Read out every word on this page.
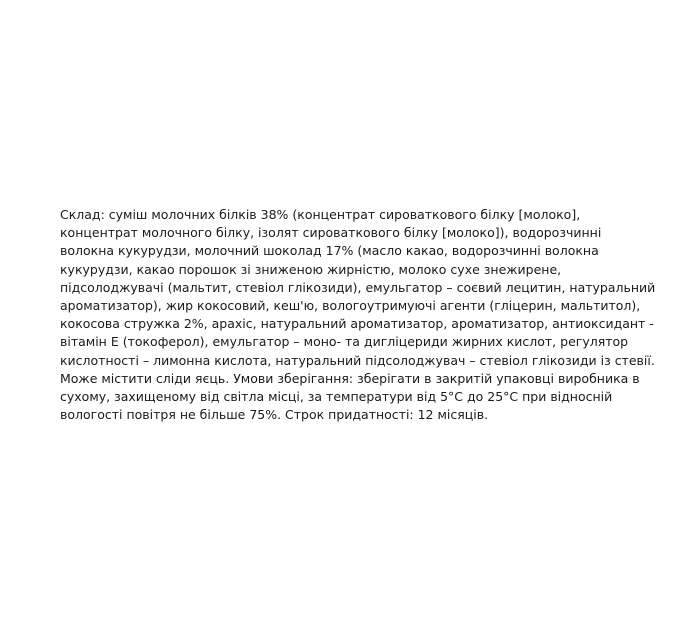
Склад: суміш молочних білків 38% (концентрат сироваткового білку [молоко],
концентрат молочного білку, ізолят сироваткового білку [молоко]), водорозчинні
волокна кукурудзи, молочний шоколад 17% (масло какао, водорозчинні волокна
кукурудзи, какао порошок зі зниженою жирністю, молоко сухе знежирене,
підсолоджувачі (мальтит, стевіол глікозиди), емульгатор – соєвий лецитин, натуральний
ароматизатор), жир кокосовий, кеш'ю, вологоутримуючі агенти (гліцерин, мальтитол),
кокосова стружка 2%, арахіс, натуральний ароматизатор, ароматизатор, антиоксидант -
вітамін Е (токоферол), емульгатор – моно- та дигліцериди жирних кислот, регулятор
кислотності – лимонна кислота, натуральний підсолоджувач – стевіол глікозиди із стевії.
Може містити сліди яєць. Умови зберігання: зберігати в закритій упаковці виробника в
сухому, захищеному від світла місці, за температури від 5°С до 25°С при відносній
вологості повітря не більше 75%. Строк придатності: 12 місяців.
